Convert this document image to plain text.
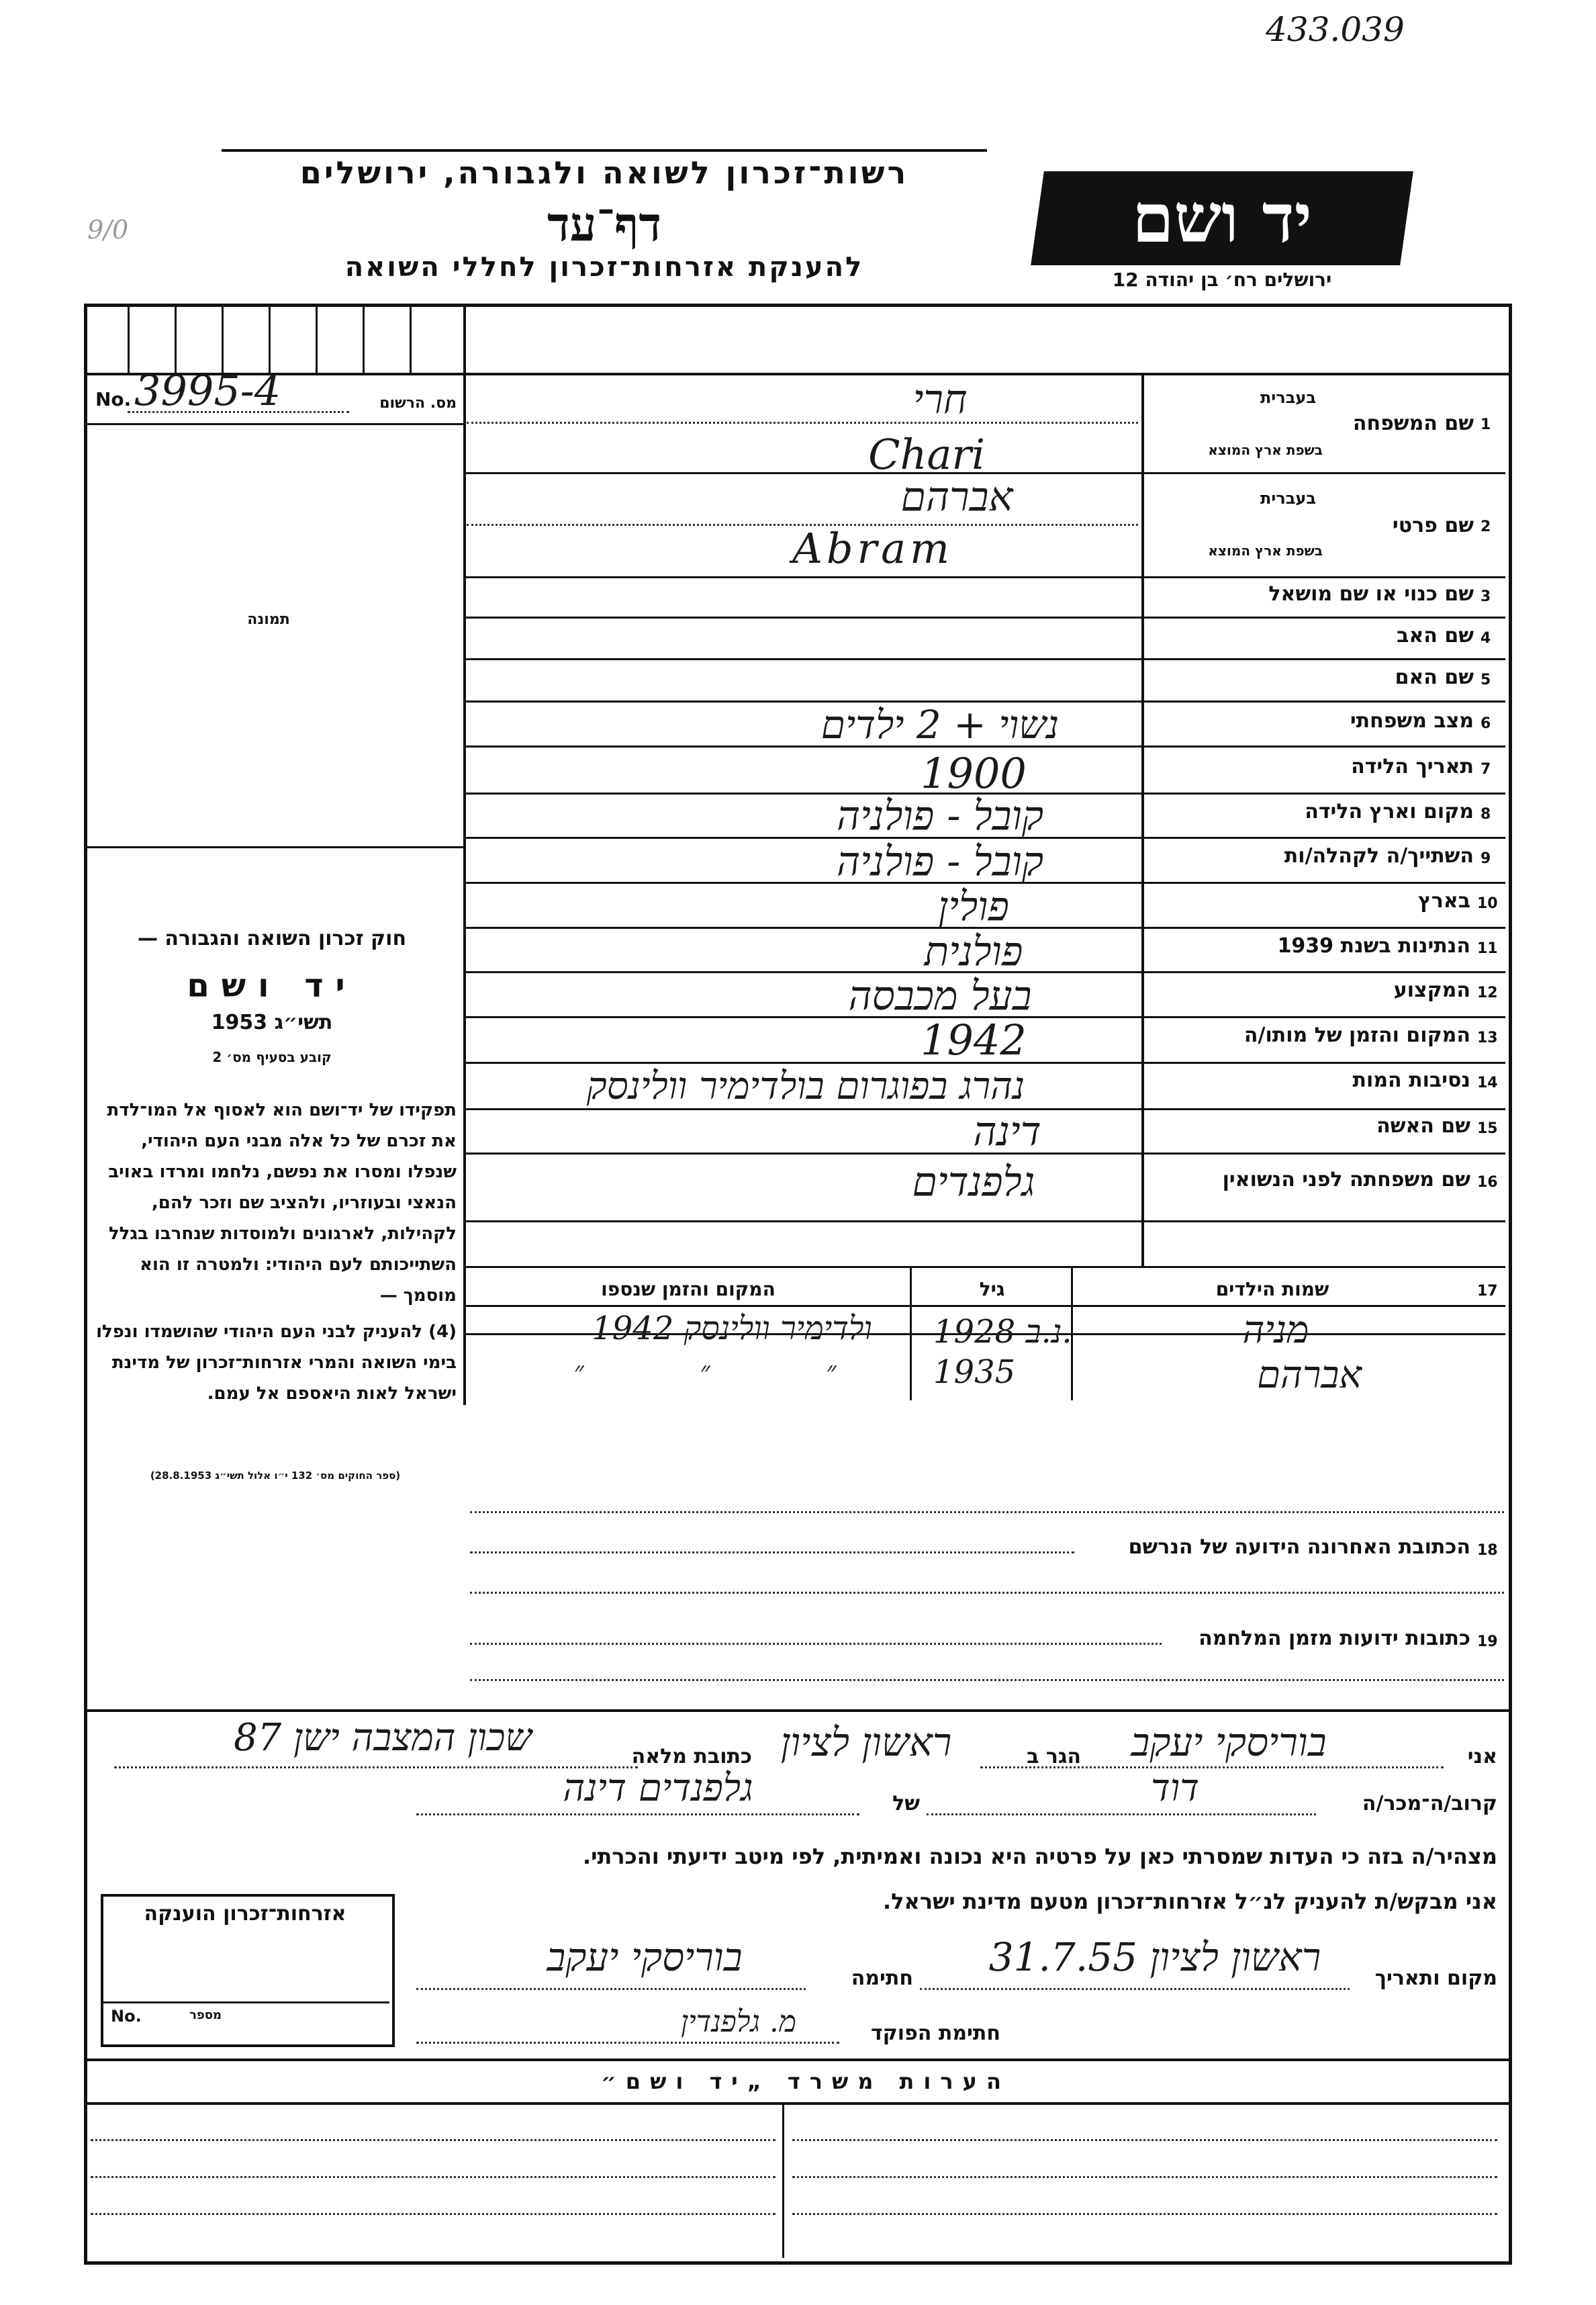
433.039
9/0
רשות־זכרון לשואה ולגבורה, ירושלים
דף־עד
להענקת אזרחות־זכרון לחללי השואה
יד ושם
ירושלים רח׳ בן יהודה 12
No. 3995-4	מס. הרשום
תמונה
חוק זכרון השואה והגבורה —
יד ושם
תשי״ג 1953
קובע בסעיף מס׳ 2
תפקידו של יד־ושם הוא לאסוף אל המו־לדת את זכרם של כל אלה מבני העם היהודי, שנפלו ומסרו את נפשם, נלחמו ומרדו באויב הנאצי ובעוזריו, ולהציב שם וזכר להם, לקהילות, לארגונים ולמוסדות שנחרבו בגלל השתייכותם לעם היהודי: ולמטרה זו הוא מוסמך —
(4) להעניק לבני העם היהודי שהושמדו ונפלו בימי השואה והמרי אזרחות־זכרון של מדינת ישראל לאות היאספם אל עמם.
(ספר החוקים מס׳ 132 י״ו אלול תשי״ג 28.8.1953)
1
שם המשפחה
בעברית
בשפת ארץ המוצא
חרי
Chari
2
שם פרטי
בעברית
בשפת ארץ המוצא
אברהם
Abram
3
שם כנוי או שם מושאל
4
שם האב
5
שם האם
6
מצב משפחתי
נשוי + 2 ילדים
7
תאריך הלידה
1900
8
מקום וארץ הלידה
קובל - פולניה
9
השתייך/ה לקהלה/ות
קובל - פולניה
10
בארץ
פולין
11
הנתינות בשנת 1939
פולנית
12
המקצוע
בעל מכבסה
13
המקום והזמן של מותו/ה
1942
14
נסיבות המות
נהרג בפוגרום בולדימיר וולינסק
15
שם האשה
דינה
16
שם משפחתה לפני הנשואין
גלפנדים
17
שמות הילדים
גיל
המקום והזמן שנספו
מניה
1928 נ.ב.
ולדימיר וולינסק 1942
אברהם
1935
״ ״ ״
18
הכתובת האחרונה הידועה של הנרשם
19
כתובות ידועות מזמן המלחמה
אני
בוריסקי יעקב
הגר ב
ראשון לציון
כתובת מלאה
שכון המצבה ישן 87
קרוב/ה־מכר/ה
דוד
של
גלפנדים דינה
מצהיר/ה בזה כי העדות שמסרתי כאן על פרטיה היא נכונה ואמיתית, לפי מיטב ידיעתי והכרתי.
אני מבקש/ת להעניק לנ״ל אזרחות־זכרון מטעם מדינת ישראל.
מקום ותאריך
ראשון לציון 31.7.55
חתימה
בוריסקי יעקב
חתימת הפוקד
מ. גלפנדין
אזרחות־זכרון הוענקה
No.	מספר
הערות משרד „יד ושם״
